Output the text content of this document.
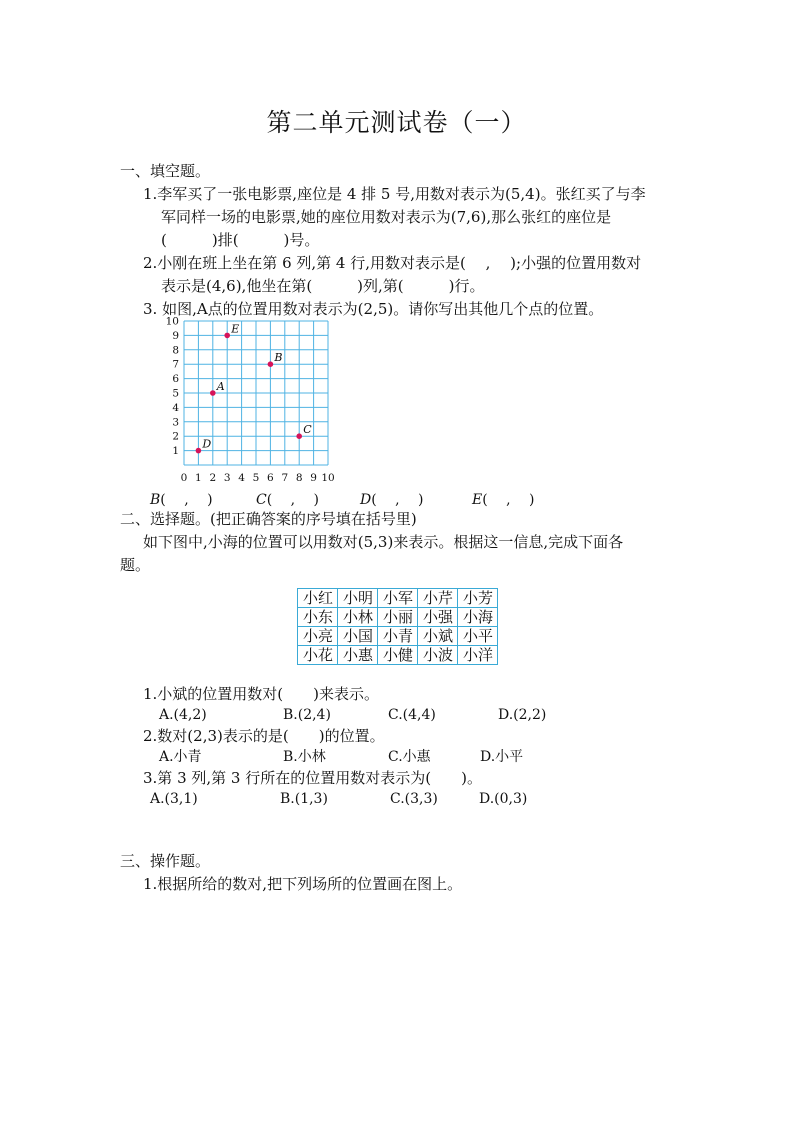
第二单元测试卷（一）
一、填空题。
1.李军买了一张电影票,座位是 4 排 5 号,用数对表示为(5,4)。张红买了与李
军同样一场的电影票,她的座位用数对表示为(7,6),那么张红的座位是
(　　　)排(　　　)号。
2.小刚在班上坐在第 6 列,第 4 行,用数对表示是(　 ,　 );小强的位置用数对
表示是(4,6),他坐在第(　　　)列,第(　　　)行。
3. 如图,A点的位置用数对表示为(2,5)。请你写出其他几个点的位置。
0 1 2 3 4 5 6 7 8 9 10
1
2
3
4
5
6
7
8
9
10
E
B
A
C
D
B(　 ,　 )	C(　 ,　 )	D(　 ,　 )	E(　 ,　 )
二、选择题。(把正确答案的序号填在括号里)
如下图中,小海的位置可以用数对(5,3)来表示。根据这一信息,完成下面各
题。
小红	小明	小军	小芹	小芳
小东	小林	小丽	小强	小海
小亮	小国	小青	小斌	小平
小花	小惠	小健	小波	小洋
1.小斌的位置用数对(　　)来表示。
A.(4,2)	B.(2,4)	C.(4,4)	D.(2,2)
2.数对(2,3)表示的是(　　)的位置。
A.小青	B.小林	C.小惠	D.小平
3.第 3 列,第 3 行所在的位置用数对表示为(　　)。
A.(3,1)	B.(1,3)	C.(3,3)	D.(0,3)
三、操作题。
1.根据所给的数对,把下列场所的位置画在图上。
